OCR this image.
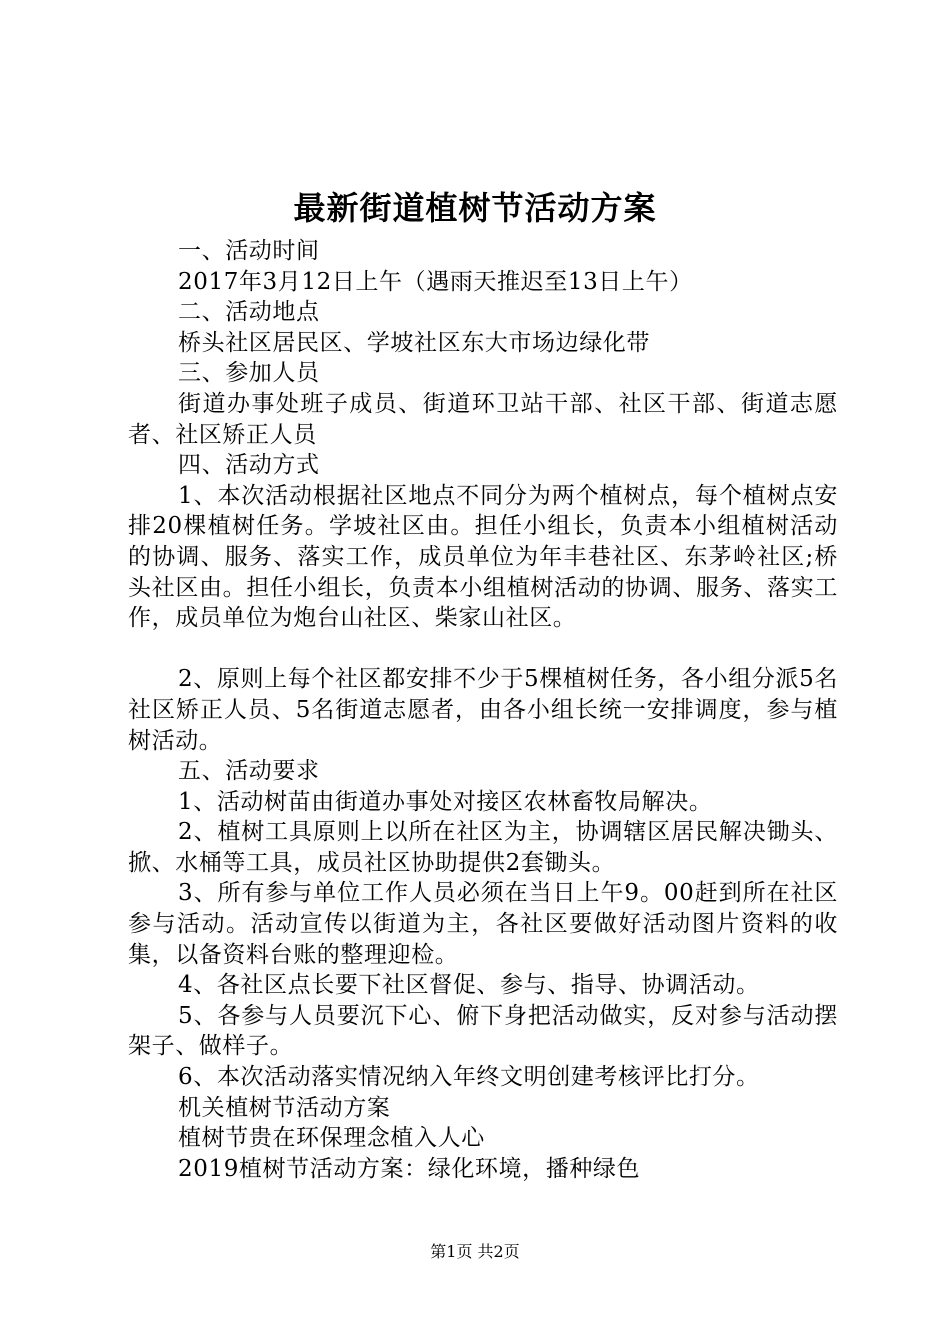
最新街道植树节活动方案

一、活动时间

2017年3月12日上午（遇雨天推迟至13日上午）

二、活动地点

桥头社区居民区、学坡社区东大市场边绿化带

三、参加人员

街道办事处班子成员、街道环卫站干部、社区干部、街道志愿者、社区矫正人员

四、活动方式

1、本次活动根据社区地点不同分为两个植树点，每个植树点安排20棵植树任务。学坡社区由。担任小组长，负责本小组植树活动的协调、服务、落实工作，成员单位为年丰巷社区、东茅岭社区;桥头社区由。担任小组长，负责本小组植树活动的协调、服务、落实工作，成员单位为炮台山社区、柴家山社区。

2、原则上每个社区都安排不少于5棵植树任务，各小组分派5名社区矫正人员、5名街道志愿者，由各小组长统一安排调度，参与植树活动。

五、活动要求

1、活动树苗由街道办事处对接区农林畜牧局解决。

2、植树工具原则上以所在社区为主，协调辖区居民解决锄头、掀、水桶等工具，成员社区协助提供2套锄头。

3、所有参与单位工作人员必须在当日上午9。00赶到所在社区参与活动。活动宣传以街道为主，各社区要做好活动图片资料的收集，以备资料台账的整理迎检。

4、各社区点长要下社区督促、参与、指导、协调活动。

5、各参与人员要沉下心、俯下身把活动做实，反对参与活动摆架子、做样子。

6、本次活动落实情况纳入年终文明创建考核评比打分。

机关植树节活动方案

植树节贵在环保理念植入人心

2019植树节活动方案：绿化环境，播种绿色

第1页 共2页
